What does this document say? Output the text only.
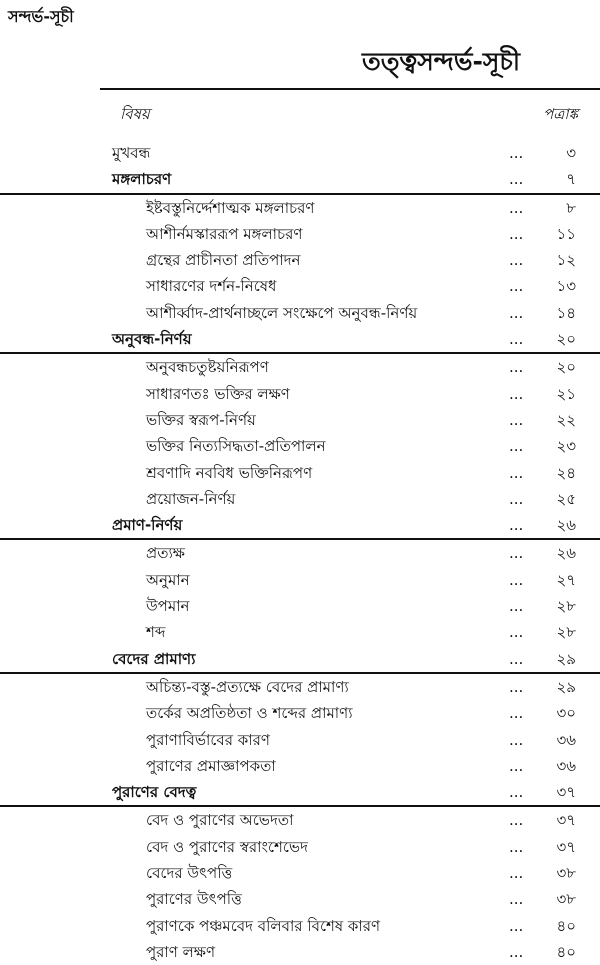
সন্দর্ভ-সূচী
তত্ত্বসন্দর্ভ-সূচী
বিষয়	পত্রাঙ্ক
মুখবন্ধ	...	৩
মঙ্গলাচরণ	...	৭
ইষ্টবস্তুনির্দ্দেশাত্মক মঙ্গলাচরণ	...	৮
আশীর্নমস্কাররূপ মঙ্গলাচরণ	... ১১
গ্রন্থের প্রাচীনতা প্রতিপাদন	... ১২
সাধারণের দর্শন-নিষেধ	... ১৩
আশীর্ব্বাদ-প্রার্থনাচ্ছলে সংক্ষেপে অনুবন্ধ-নির্ণয়	... ১৪
অনুবন্ধ-নির্ণয়	... ২০
অনুবন্ধচতুষ্টয়নিরূপণ	... ২০
সাধারণতঃ ভক্তির লক্ষণ	... ২১
ভক্তির স্বরূপ-নির্ণয়	... ২২
ভক্তির নিত্যসিদ্ধতা-প্রতিপালন	... ২৩
শ্রবণাদি নববিধ ভক্তিনিরূপণ	... ২৪
প্রয়োজন-নির্ণয়	... ২৫
প্রমাণ-নির্ণয়	... ২৬
প্রত্যক্ষ	... ২৬
অনুমান	... ২৭
উপমান	... ২৮
শব্দ	... ২৮
বেদের প্রামাণ্য	... ২৯
অচিন্ত্য-বস্তু-প্রত্যক্ষে বেদের প্রামাণ্য	... ২৯
তর্কের অপ্রতিষ্ঠতা ও শব্দের প্রামাণ্য	... ৩০
পুরাণাবির্ভাবের কারণ	... ৩৬
পুরাণের প্রমাজ্ঞাপকতা	... ৩৬
পুরাণের বেদত্ব	... ৩৭
বেদ ও পুরাণের অভেদতা	... ৩৭
বেদ ও পুরাণের স্বরাংশেভেদ	... ৩৭
বেদের উৎপত্তি	... ৩৮
পুরাণের উৎপত্তি	... ৩৮
পুরাণকে পঞ্চমবেদ বলিবার বিশেষ কারণ	... ৪০
পুরাণ লক্ষণ	... ৪০
